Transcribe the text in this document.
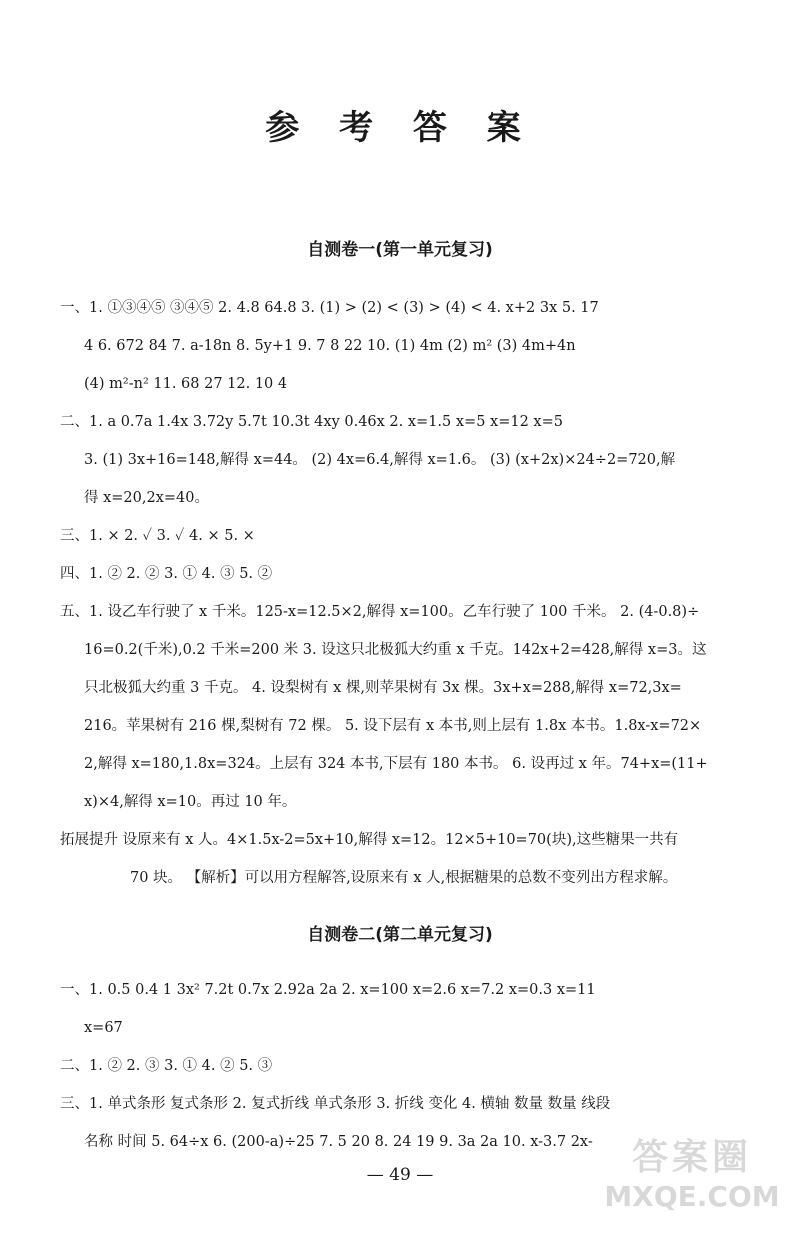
参 考 答 案
自测卷一(第一单元复习)
一、1. ①③④⑤ ③④⑤ 2. 4.8 64.8 3. (1) > (2) < (3) > (4) < 4. x+2 3x 5. 17
4 6. 672 84 7. a-18n 8. 5y+1 9. 7 8 22 10. (1) 4m (2) m² (3) 4m+4n
(4) m²-n² 11. 68 27 12. 10 4
二、1. a 0.7a 1.4x 3.72y 5.7t 10.3t 4xy 0.46x 2. x=1.5 x=5 x=12 x=5
3. (1) 3x+16=148,解得 x=44。 (2) 4x=6.4,解得 x=1.6。 (3) (x+2x)×24÷2=720,解
得 x=20,2x=40。
三、1. × 2. ✓ 3. ✓ 4. × 5. ×
四、1. ② 2. ② 3. ① 4. ③ 5. ②
五、1. 设乙车行驶了 x 千米。125-x=12.5×2,解得 x=100。乙车行驶了 100 千米。 2. (4-0.8)÷
16=0.2(千米),0.2 千米=200 米 3. 设这只北极狐大约重 x 千克。142x+2=428,解得 x=3。这
只北极狐大约重 3 千克。 4. 设梨树有 x 棵,则苹果树有 3x 棵。3x+x=288,解得 x=72,3x=
216。苹果树有 216 棵,梨树有 72 棵。 5. 设下层有 x 本书,则上层有 1.8x 本书。1.8x-x=72×
2,解得 x=180,1.8x=324。上层有 324 本书,下层有 180 本书。 6. 设再过 x 年。74+x=(11+
x)×4,解得 x=10。再过 10 年。
拓展提升 设原来有 x 人。4×1.5x-2=5x+10,解得 x=12。12×5+10=70(块),这些糖果一共有
70 块。 【解析】可以用方程解答,设原来有 x 人,根据糖果的总数不变列出方程求解。
自测卷二(第二单元复习)
一、1. 0.5 0.4 1 3x² 7.2t 0.7x 2.92a 2a 2. x=100 x=2.6 x=7.2 x=0.3 x=11
x=67
二、1. ② 2. ③ 3. ① 4. ② 5. ③
三、1. 单式条形 复式条形 2. 复式折线 单式条形 3. 折线 变化 4. 横轴 数量 数量 线段
名称 时间 5. 64÷x 6. (200-a)÷25 7. 5 20 8. 24 19 9. 3a 2a 10. x-3.7 2x-
— 49 —	答案圈
MXQE.COM
